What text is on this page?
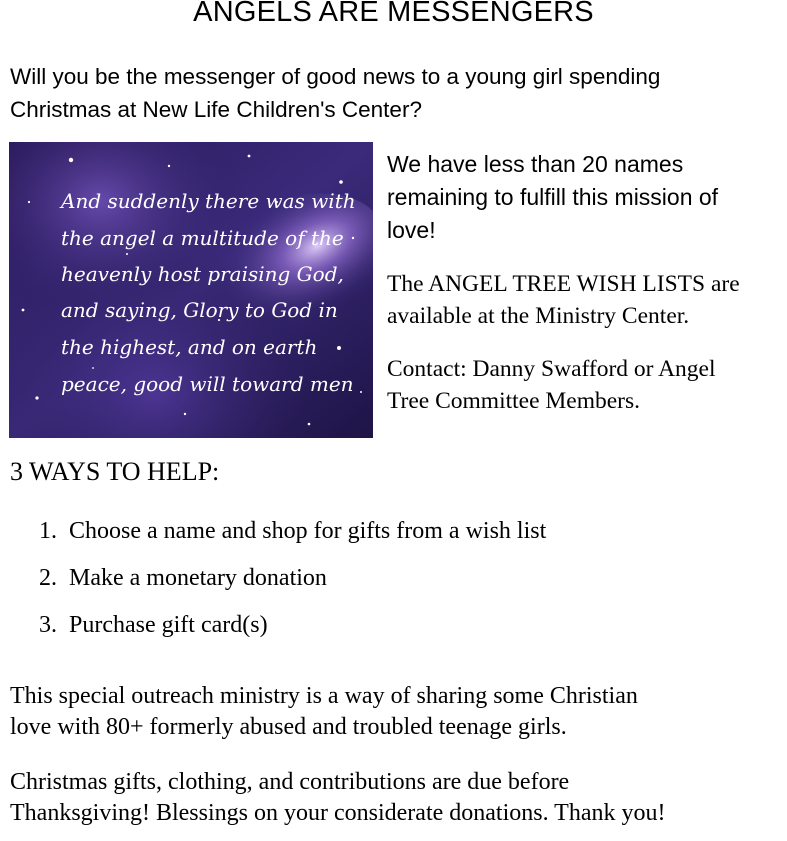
ANGELS ARE MESSENGERS
Will you be the messenger of good news to a young girl spending
Christmas at New Life Children's Center?
And suddenly there was with
the angel a multitude of the
heavenly host praising God,
and saying, Glory to God in
the highest, and on earth
peace, good will toward men

We have less than 20 names
remaining to fulfill this mission of
love!

The ANGEL TREE WISH LISTS are
available at the Ministry Center.

Contact: Danny Swafford or Angel
Tree Committee Members.

3 WAYS TO HELP:
1. Choose a name and shop for gifts from a wish list
2. Make a monetary donation
3. Purchase gift card(s)
This special outreach ministry is a way of sharing some Christian
love with 80+ formerly abused and troubled teenage girls.
Christmas gifts, clothing, and contributions are due before
Thanksgiving! Blessings on your considerate donations. Thank you!
